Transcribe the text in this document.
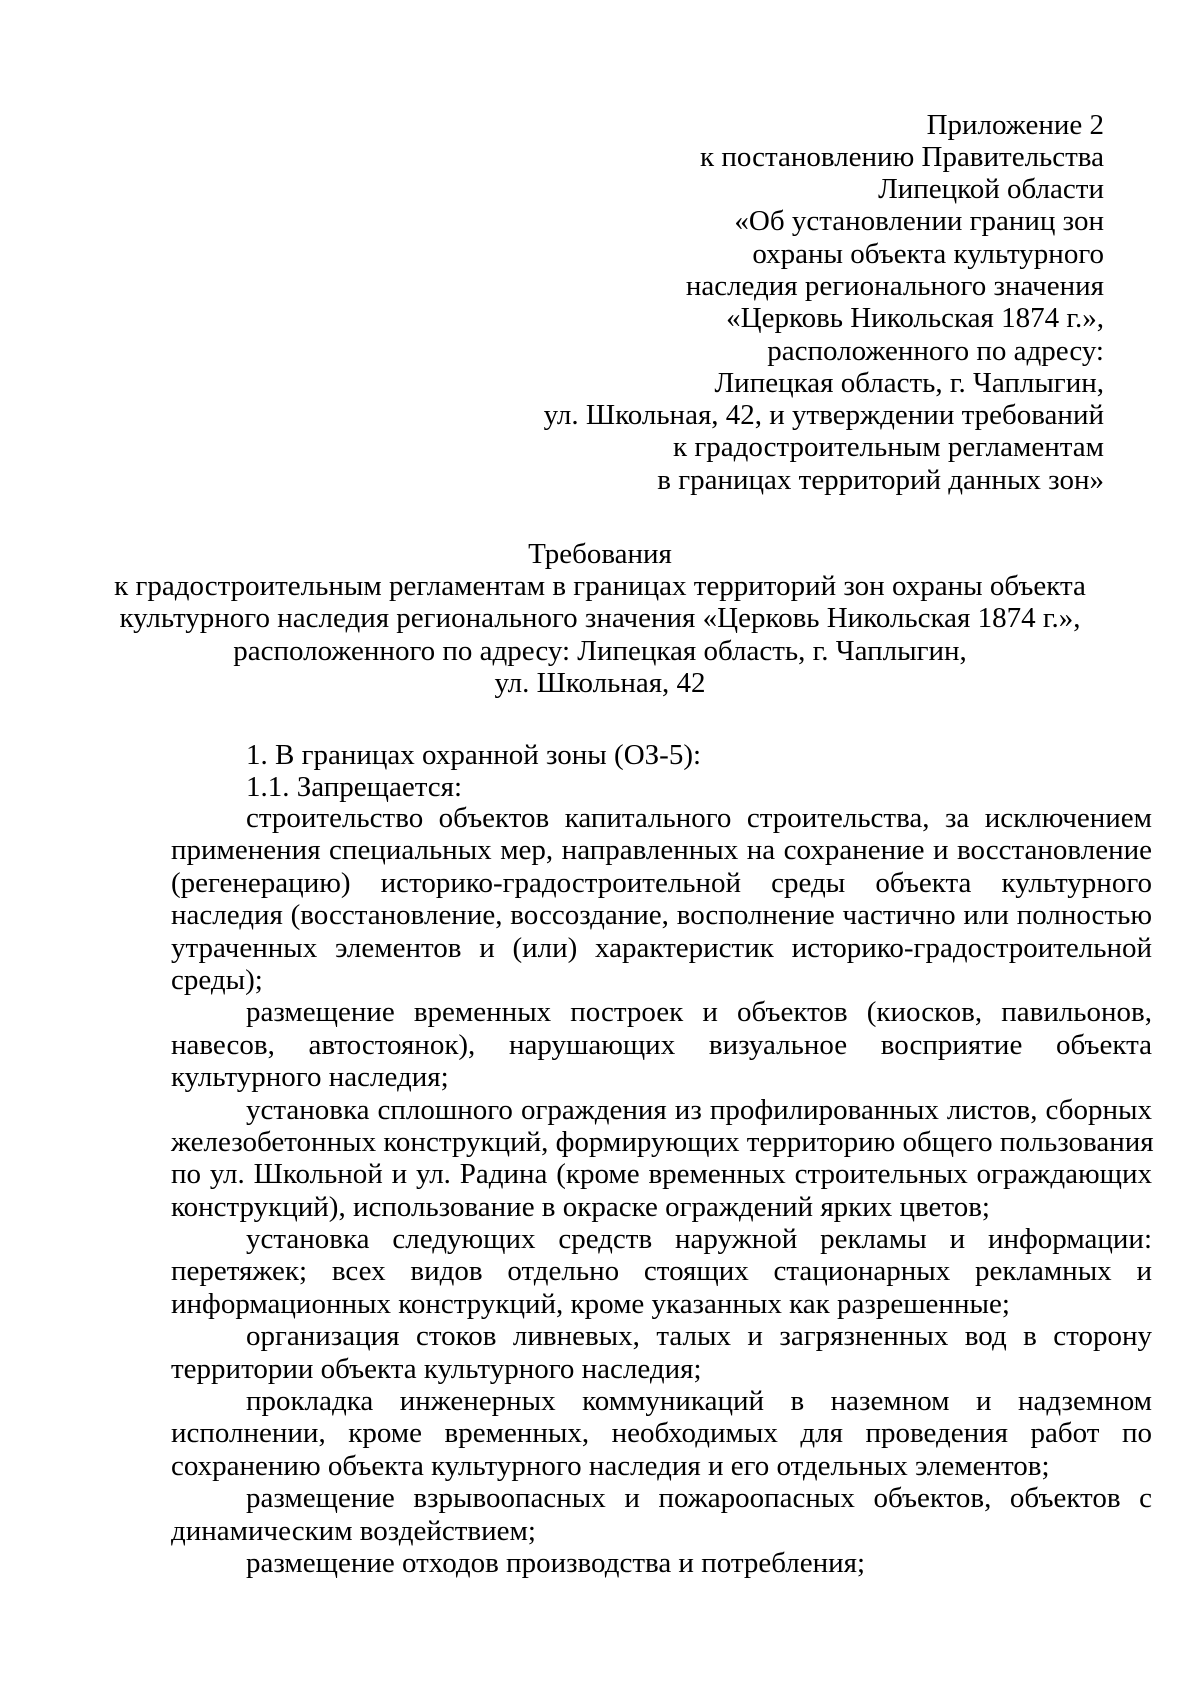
Приложение 2
к постановлению Правительства
Липецкой области
«Об установлении границ зон
охраны объекта культурного
наследия регионального значения
«Церковь Никольская 1874 г.»,
расположенного по адресу:
Липецкая область, г. Чаплыгин,
ул. Школьная, 42, и утверждении требований
к градостроительным регламентам
в границах территорий данных зон»
Требования
к градостроительным регламентам в границах территорий зон охраны объекта
культурного наследия регионального значения «Церковь Никольская 1874 г.»,
расположенного по адресу: Липецкая область, г. Чаплыгин,
ул. Школьная, 42
1. В границах охранной зоны (ОЗ-5):
1.1. Запрещается:
строительство объектов капитального строительства, за исключением
применения специальных мер, направленных на сохранение и восстановление
(регенерацию) историко-градостроительной среды объекта культурного
наследия (восстановление, воссоздание, восполнение частично или полностью
утраченных элементов и (или) характеристик историко-градостроительной
среды);
размещение временных построек и объектов (киосков, павильонов,
навесов, автостоянок), нарушающих визуальное восприятие объекта
культурного наследия;
установка сплошного ограждения из профилированных листов, сборных
железобетонных конструкций, формирующих территорию общего пользования
по ул. Школьной и ул. Радина (кроме временных строительных ограждающих
конструкций), использование в окраске ограждений ярких цветов;
установка следующих средств наружной рекламы и информации:
перетяжек; всех видов отдельно стоящих стационарных рекламных и
информационных конструкций, кроме указанных как разрешенные;
организация стоков ливневых, талых и загрязненных вод в сторону
территории объекта культурного наследия;
прокладка инженерных коммуникаций в наземном и надземном
исполнении, кроме временных, необходимых для проведения работ по
сохранению объекта культурного наследия и его отдельных элементов;
размещение взрывоопасных и пожароопасных объектов, объектов с
динамическим воздействием;
размещение отходов производства и потребления;
